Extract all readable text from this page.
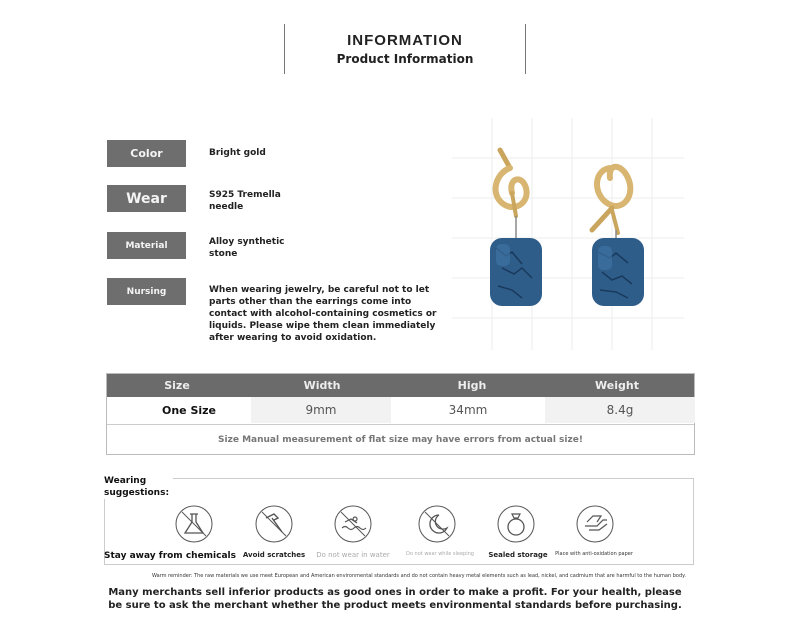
INFORMATION
Product Information
Color	Bright gold
Wear	S925 Tremella
needle
Material	Alloy synthetic
stone
Nursing	When wearing jewelry, be careful not to let
parts other than the earrings come into
contact with alcohol-containing cosmetics or
liquids. Please wipe them clean immediately
after wearing to avoid oxidation.
Size	Width	High	Weight
One Size	9mm	34mm	8.4g
Size Manual measurement of flat size may have errors from actual size!
Wearing
suggestions:
Stay away from chemicals Avoid scratches Do not wear in water	Do not wear while sleeping Sealed storage Place with anti-oxidation paper
Warm reminder: The raw materials we use meet European and American environmental standards and do not contain heavy metal elements such as lead, nickel, and cadmium that are harmful to the human body.
Many merchants sell inferior products as good ones in order to make a profit. For your health, please
be sure to ask the merchant whether the product meets environmental standards before purchasing.
